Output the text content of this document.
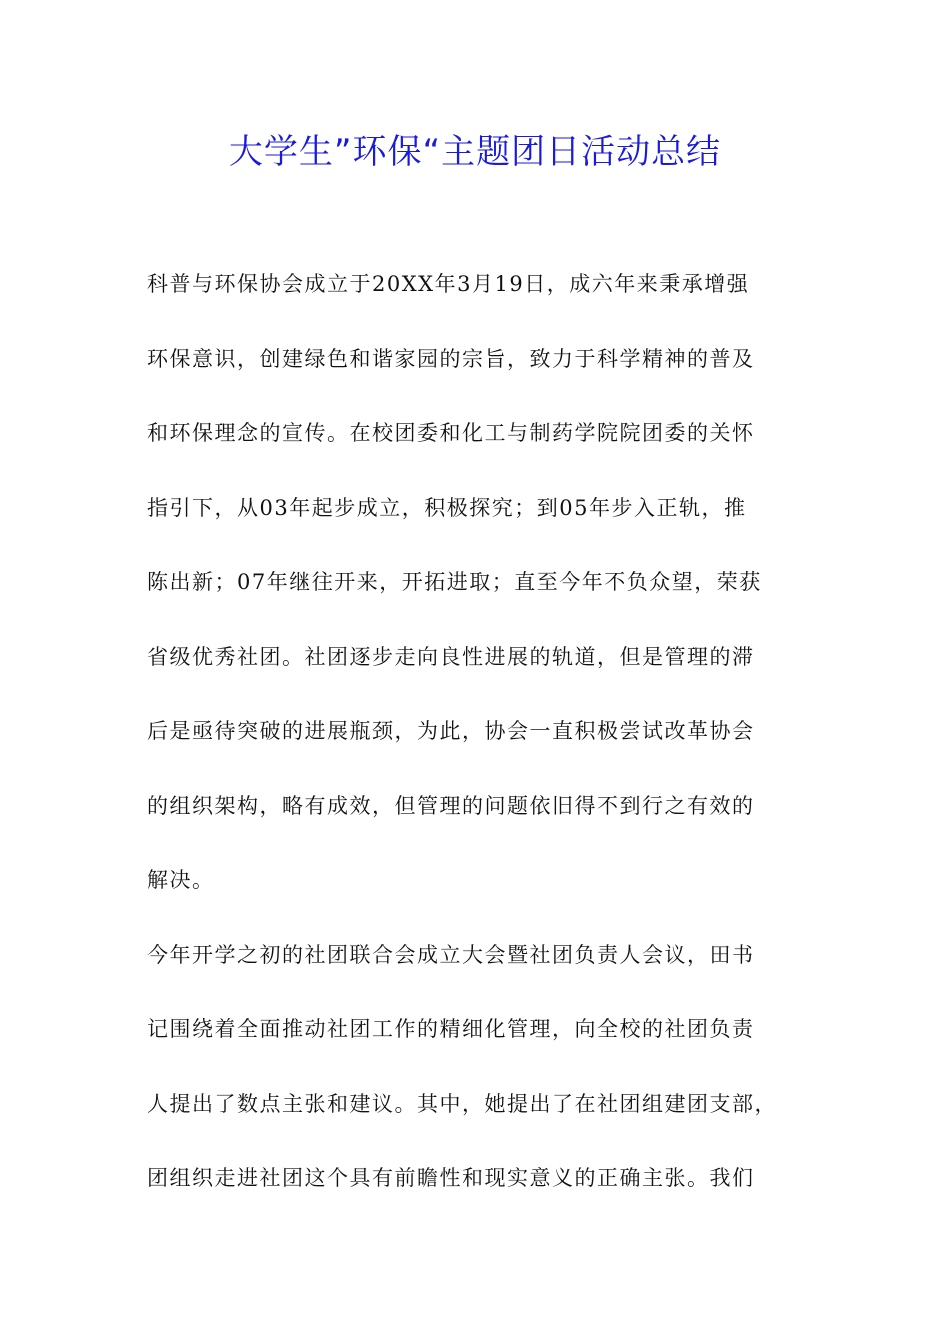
大学生”环保“主题团日活动总结

科普与环保协会成立于20XX年3月19日，成六年来秉承增强

环保意识，创建绿色和谐家园的宗旨，致力于科学精神的普及

和环保理念的宣传。在校团委和化工与制药学院院团委的关怀

指引下，从03年起步成立，积极探究；到05年步入正轨，推

陈出新；07年继往开来，开拓进取；直至今年不负众望，荣获

省级优秀社团。社团逐步走向良性进展的轨道，但是管理的滞

后是亟待突破的进展瓶颈，为此，协会一直积极尝试改革协会

的组织架构，略有成效，但管理的问题依旧得不到行之有效的

解决。

今年开学之初的社团联合会成立大会暨社团负责人会议，田书

记围绕着全面推动社团工作的精细化管理，向全校的社团负责

人提出了数点主张和建议。其中，她提出了在社团组建团支部，

团组织走进社团这个具有前瞻性和现实意义的正确主张。我们
